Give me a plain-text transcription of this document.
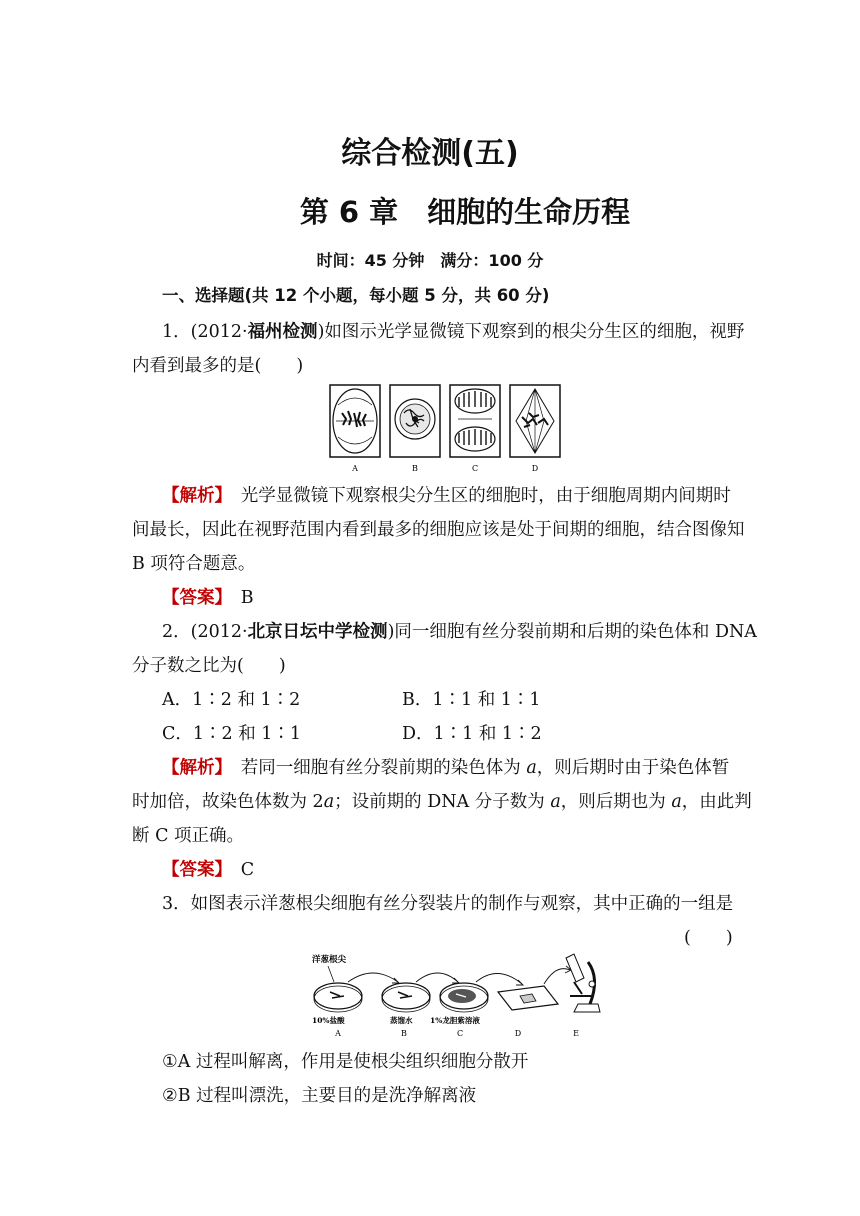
综合检测(五)
第 6 章　细胞的生命历程
时间：45 分钟　满分：100 分
一、选择题(共 12 个小题，每小题 5 分，共 60 分)
1．(2012·福州检测)如图示光学显微镜下观察到的根尖分生区的细胞，视野
内看到最多的是(　　)
A	B	C	D
【解析】　光学显微镜下观察根尖分生区的细胞时，由于细胞周期内间期时
间最长，因此在视野范围内看到最多的细胞应该是处于间期的细胞，结合图像知
B 项符合题意。
【答案】　B
2．(2012·北京日坛中学检测)同一细胞有丝分裂前期和后期的染色体和 DNA
分子数之比为(　　)
A．1∶2 和 1∶2	B．1∶1 和 1∶1
C．1∶2 和 1∶1	D．1∶1 和 1∶2
【解析】　若同一细胞有丝分裂前期的染色体为 a，则后期时由于染色体暂
时加倍，故染色体数为 2a；设前期的 DNA 分子数为 a，则后期也为 a，由此判
断 C 项正确。
【答案】　C
3．如图表示洋葱根尖细胞有丝分裂装片的制作与观察，其中正确的一组是
(　　)
洋葱根尖
10%盐酸	蒸馏水 1%龙胆紫溶液
A	B	C	D	E
①A 过程叫解离，作用是使根尖组织细胞分散开
②B 过程叫漂洗，主要目的是洗净解离液
